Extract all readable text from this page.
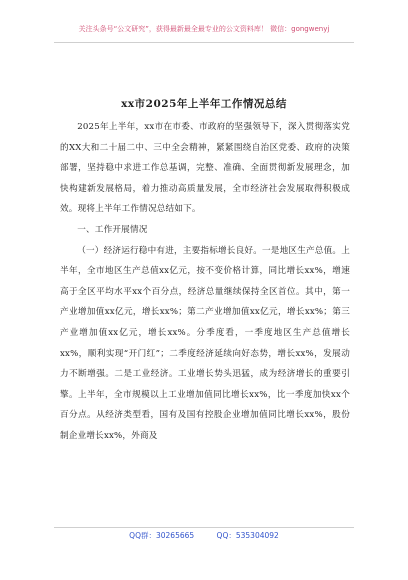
关注头条号“公文研究”，获得最新最全最专业的公文资料库！ 微信：gongwenyj
xx市2025年上半年工作情况总结

2025年上半年，xx市在市委、市政府的坚强领导下，深入贯彻落实党的XX大和二十届二中、三中全会精神，紧紧围绕自治区党委、政府的决策部署，坚持稳中求进工作总基调，完整、准确、全面贯彻新发展理念，加快构建新发展格局，着力推动高质量发展，全市经济社会发展取得积极成效。现将上半年工作情况总结如下。

一、工作开展情况

（一）经济运行稳中有进，主要指标增长良好。一是地区生产总值。上半年，全市地区生产总值xx亿元，按不变价格计算，同比增长xx%，增速高于全区平均水平xx个百分点，经济总量继续保持全区首位。其中，第一产业增加值xx亿元，增长xx%；第二产业增加值xx亿元，增长xx%；第三产业增加值xx亿元，增长xx%。分季度看，一季度地区生产总值增长xx%，顺利实现“开门红”；二季度经济延续向好态势，增长xx%，发展动力不断增强。二是工业经济。工业增长势头迅猛，成为经济增长的重要引擎。上半年，全市规模以上工业增加值同比增长xx%，比一季度加快xx个百分点。从经济类型看，国有及国有控股企业增加值同比增长xx%，股份制企业增长xx%，外商及

QQ群：30265665	QQ：535304092
